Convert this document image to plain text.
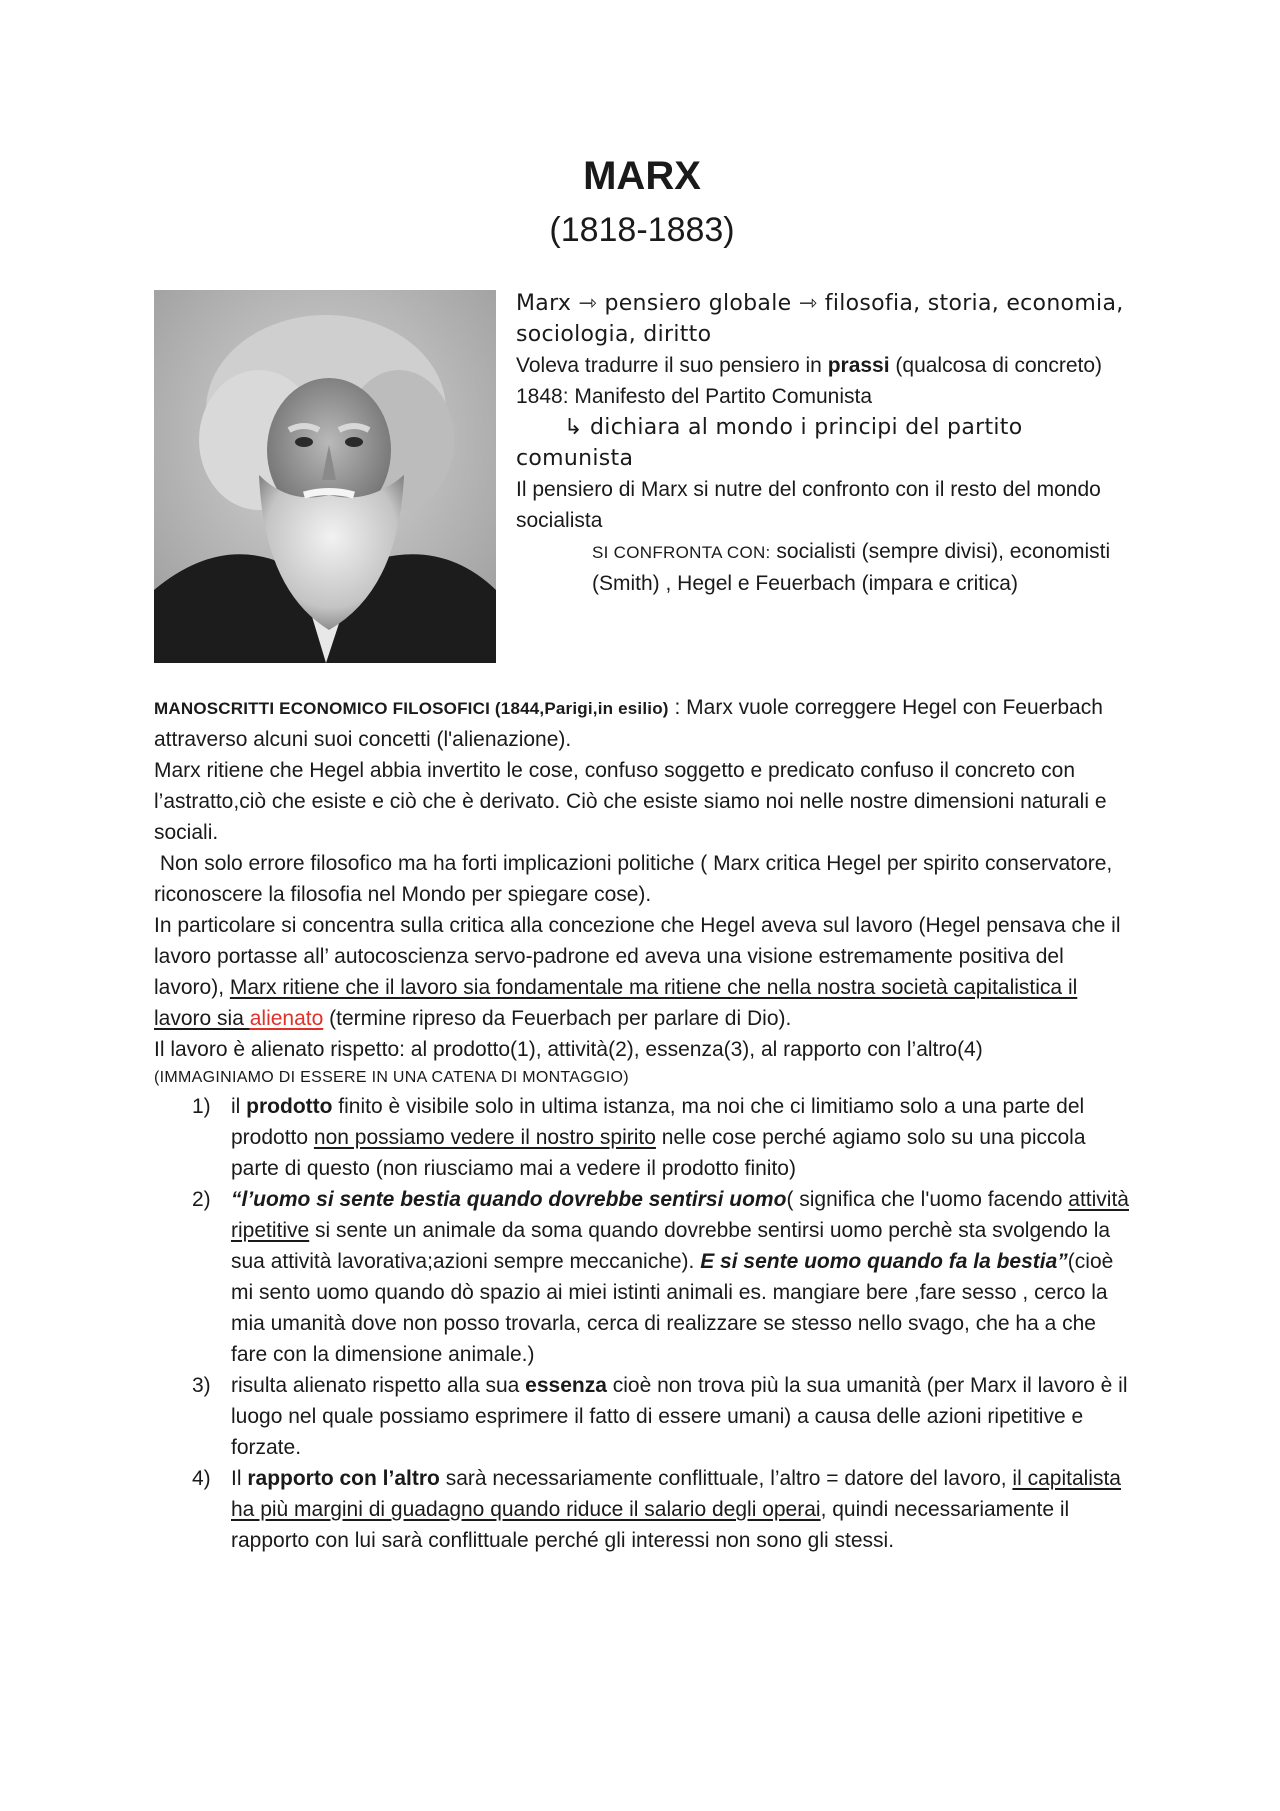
MARX
(1818-1883)

Marx ⇾ pensiero globale ⇾ filosofia, storia, economia, sociologia, diritto

Voleva tradurre il suo pensiero in prassi (qualcosa di concreto)

1848: Manifesto del Partito Comunista

↳ dichiara al mondo i principi del partito comunista

Il pensiero di Marx si nutre del confronto con il resto del mondo socialista

SI CONFRONTA CON: socialisti (sempre divisi), economisti (Smith) , Hegel e Feuerbach (impara e critica)

MANOSCRITTI ECONOMICO FILOSOFICI (1844,Parigi,in esilio) : Marx vuole correggere Hegel con Feuerbach attraverso alcuni suoi concetti (l'alienazione).

Marx ritiene che Hegel abbia invertito le cose, confuso soggetto e predicato confuso il concreto con l’astratto,ciò che esiste e ciò che è derivato. Ciò che esiste siamo noi nelle nostre dimensioni naturali e sociali.

Non solo errore filosofico ma ha forti implicazioni politiche ( Marx critica Hegel per spirito conservatore, riconoscere la filosofia nel Mondo per spiegare cose).

In particolare si concentra sulla critica alla concezione che Hegel aveva sul lavoro (Hegel pensava che il lavoro portasse all’ autocoscienza servo-padrone ed aveva una visione estremamente positiva del lavoro), Marx ritiene che il lavoro sia fondamentale ma ritiene che nella nostra società capitalistica il lavoro sia alienato (termine ripreso da Feuerbach per parlare di Dio).

Il lavoro è alienato rispetto: al prodotto(1), attività(2), essenza(3), al rapporto con l’altro(4)

(IMMAGINIAMO DI ESSERE IN UNA CATENA DI MONTAGGIO)

1) il prodotto finito è visibile solo in ultima istanza, ma noi che ci limitiamo solo a una parte del prodotto non possiamo vedere il nostro spirito nelle cose perché agiamo solo su una piccola parte di questo (non riusciamo mai a vedere il prodotto finito)
2) “l’uomo si sente bestia quando dovrebbe sentirsi uomo( significa che l'uomo facendo attività ripetitive si sente un animale da soma quando dovrebbe sentirsi uomo perchè sta svolgendo la sua attività lavorativa;azioni sempre meccaniche). E si sente uomo quando fa la bestia”(cioè mi sento uomo quando dò spazio ai miei istinti animali es. mangiare bere ,fare sesso , cerco la mia umanità dove non posso trovarla, cerca di realizzare se stesso nello svago, che ha a che fare con la dimensione animale.)
3) risulta alienato rispetto alla sua essenza cioè non trova più la sua umanità (per Marx il lavoro è il luogo nel quale possiamo esprimere il fatto di essere umani) a causa delle azioni ripetitive e forzate.
4) Il rapporto con l’altro sarà necessariamente conflittuale, l’altro = datore del lavoro, il capitalista ha più margini di guadagno quando riduce il salario degli operai, quindi necessariamente il rapporto con lui sarà conflittuale perché gli interessi non sono gli stessi.
